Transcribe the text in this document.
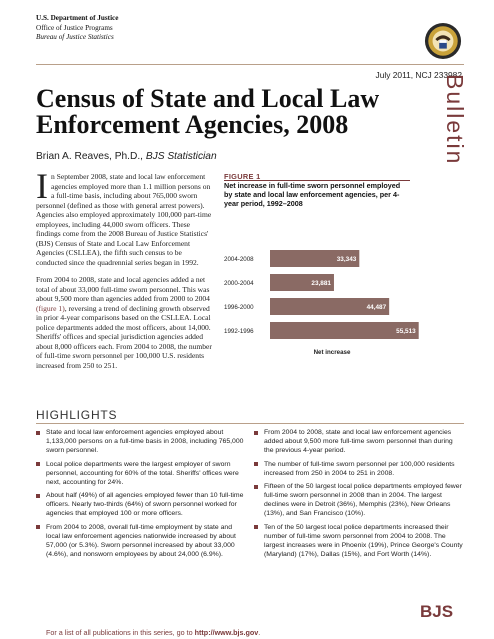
U.S. Department of Justice
Office of Justice Programs
Bureau of Justice Statistics
July 2011, NCJ 233982
Bulletin
Census of State and Local Law
Enforcement Agencies, 2008
Brian A. Reaves, Ph.D., BJS Statistician

In September 2008, state and local law enforcement agencies employed more than 1.1 million persons on a full-time basis, including about 765,000 sworn personnel (defined as those with general arrest powers). Agencies also employed approximately 100,000 part-time employees, including 44,000 sworn officers. These findings come from the 2008 Bureau of Justice Statistics' (BJS) Census of State and Local Law Enforcement Agencies (CSLLEA), the fifth such census to be conducted since the quadrennial series began in 1992.

From 2004 to 2008, state and local agencies added a net total of about 33,000 full-time sworn personnel. This was about 9,500 more than agencies added from 2000 to 2004 (figure 1), reversing a trend of declining growth observed in prior 4-year comparisons based on the CSLLEA. Local police departments added the most officers, about 14,000. Sheriffs' offices and special jurisdiction agencies added about 8,000 officers each. From 2004 to 2008, the number of full-time sworn personnel per 100,000 U.S. residents increased from 250 to 251.

FIGURE 1
Net increase in full-time sworn personnel employed by state and local law enforcement agencies, per 4-year period, 1992–2008
2004-2008	33,343
2000-2004	23,881
1996-2000	44,487
1992-1996	55,513
Net increase
HIGHLIGHTS
State and local law enforcement agencies employed about 1,133,000 persons on a full-time basis in 2008, including 765,000 sworn personnel.
Local police departments were the largest employer of sworn personnel, accounting for 60% of the total. Sheriffs' offices were next, accounting for 24%.
About half (49%) of all agencies employed fewer than 10 full-time officers. Nearly two-thirds (64%) of sworn personnel worked for agencies that employed 100 or more officers.
From 2004 to 2008, overall full-time employment by state and local law enforcement agencies nationwide increased by about 57,000 (or 5.3%). Sworn personnel increased by about 33,000 (4.6%), and nonsworn employees by about 24,000 (6.9%).
From 2004 to 2008, state and local law enforcement agencies added about 9,500 more full-time sworn personnel than during the previous 4-year period.
The number of full-time sworn personnel per 100,000 residents increased from 250 in 2004 to 251 in 2008.
Fifteen of the 50 largest local police departments employed fewer full-time sworn personnel in 2008 than in 2004. The largest declines were in Detroit (36%), Memphis (23%), New Orleans (13%), and San Francisco (10%).
Ten of the 50 largest local police departments increased their number of full-time sworn personnel from 2004 to 2008. The largest increases were in Phoenix (19%), Prince George's County (Maryland) (17%), Dallas (15%), and Fort Worth (14%).
BJS
For a list of all publications in this series, go to http://www.bjs.gov.
